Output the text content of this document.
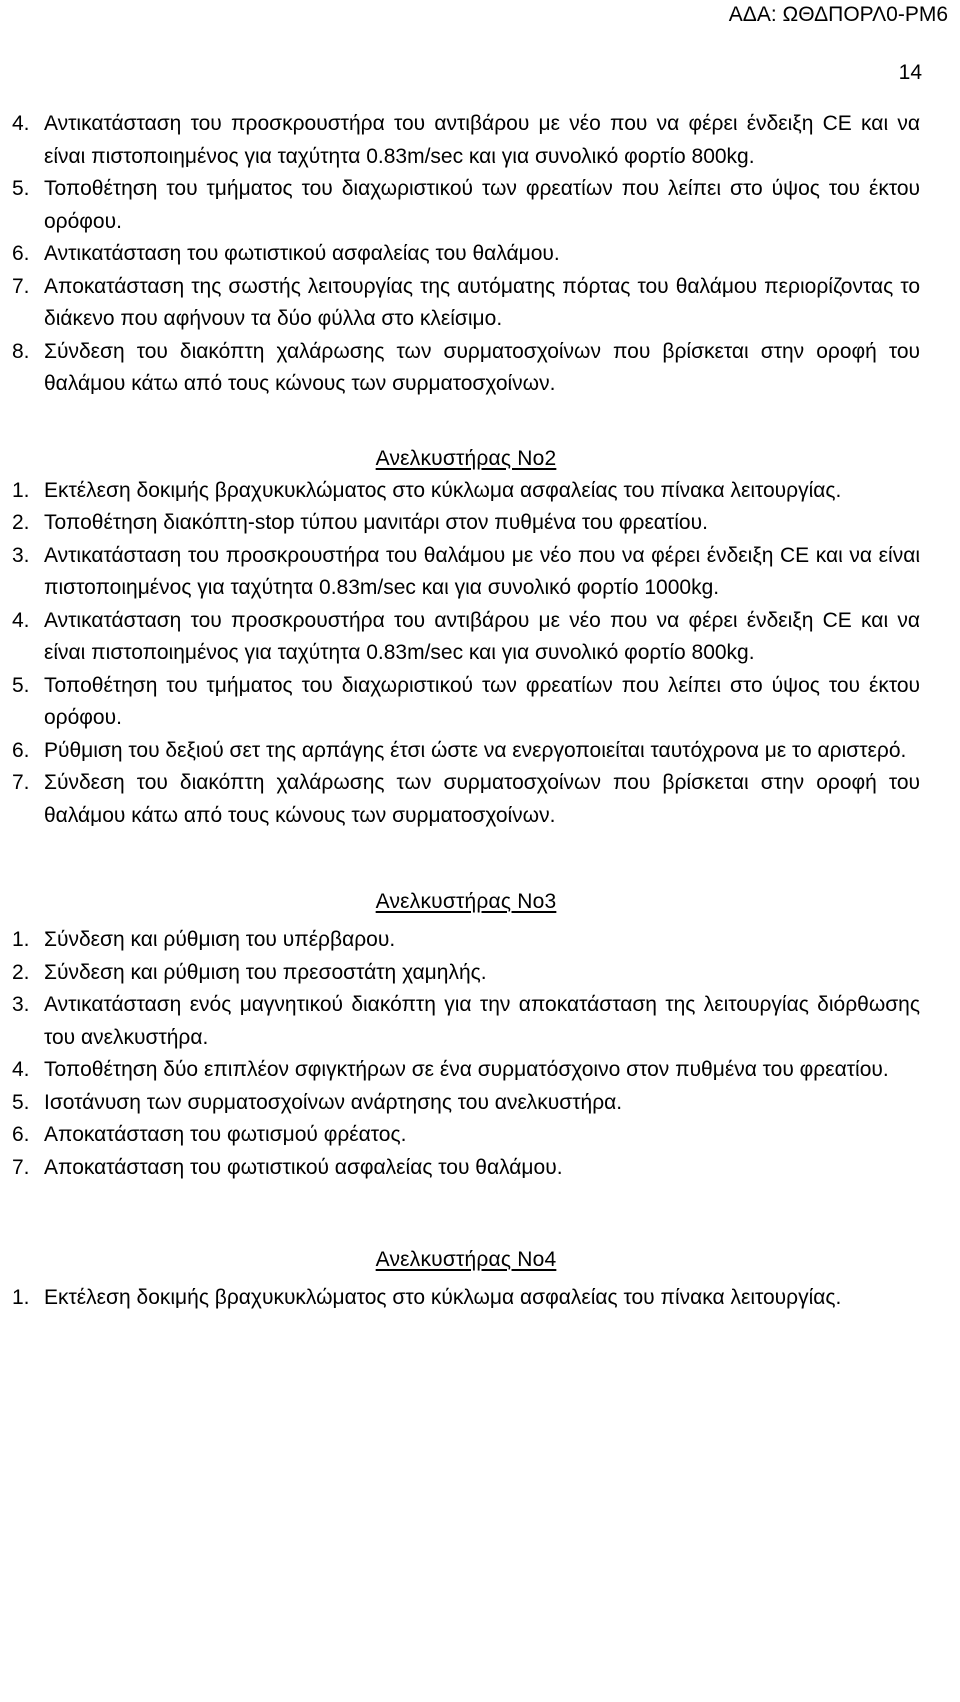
ΑΔΑ: ΩΘΔΠΟΡΛ0-ΡΜ6
14
4. Αντικατάσταση του προσκρουστήρα του αντιβάρου με νέο που να φέρει ένδειξη CE και να είναι πιστοποιημένος για ταχύτητα 0.83m/sec και για συνολικό φορτίο 800kg.
5. Τοποθέτηση του τμήματος του διαχωριστικού των φρεατίων που λείπει στο ύψος του έκτου ορόφου.
6. Αντικατάσταση του φωτιστικού ασφαλείας του θαλάμου.
7. Αποκατάσταση της σωστής λειτουργίας της αυτόματης πόρτας του θαλάμου περιορίζοντας το διάκενο που αφήνουν τα δύο φύλλα στο κλείσιμο.
8. Σύνδεση του διακόπτη χαλάρωσης των συρματοσχοίνων που βρίσκεται στην οροφή του θαλάμου κάτω από τους κώνους των συρματοσχοίνων.
Ανελκυστήρας Νο2
1. Εκτέλεση δοκιμής βραχυκυκλώματος στο κύκλωμα ασφαλείας του πίνακα λειτουργίας.
2. Τοποθέτηση διακόπτη-stop τύπου μανιτάρι στον πυθμένα του φρεατίου.
3. Αντικατάσταση του προσκρουστήρα του θαλάμου με νέο που να φέρει ένδειξη CE και να είναι πιστοποιημένος για ταχύτητα 0.83m/sec και για συνολικό φορτίο 1000kg.
4. Αντικατάσταση του προσκρουστήρα του αντιβάρου με νέο που να φέρει ένδειξη CE και να είναι πιστοποιημένος για ταχύτητα 0.83m/sec και για συνολικό φορτίο 800kg.
5. Τοποθέτηση του τμήματος του διαχωριστικού των φρεατίων που λείπει στο ύψος του έκτου ορόφου.
6. Ρύθμιση του δεξιού σετ της αρπάγης έτσι ώστε να ενεργοποιείται ταυτόχρονα με το αριστερό.
7. Σύνδεση του διακόπτη χαλάρωσης των συρματοσχοίνων που βρίσκεται στην οροφή του θαλάμου κάτω από τους κώνους των συρματοσχοίνων.
Ανελκυστήρας Νο3
1. Σύνδεση και ρύθμιση του υπέρβαρου.
2. Σύνδεση και ρύθμιση του πρεσοστάτη χαμηλής.
3. Αντικατάσταση ενός μαγνητικού διακόπτη για την αποκατάσταση της λειτουργίας διόρθωσης του ανελκυστήρα.
4. Τοποθέτηση δύο επιπλέον σφιγκτήρων σε ένα συρματόσχοινο στον πυθμένα του φρεατίου.
5. Ισοτάνυση των συρματοσχοίνων ανάρτησης του ανελκυστήρα.
6. Αποκατάσταση του φωτισμού φρέατος.
7. Αποκατάσταση του φωτιστικού ασφαλείας του θαλάμου.
Ανελκυστήρας Νο4
1. Εκτέλεση δοκιμής βραχυκυκλώματος στο κύκλωμα ασφαλείας του πίνακα λειτουργίας.
